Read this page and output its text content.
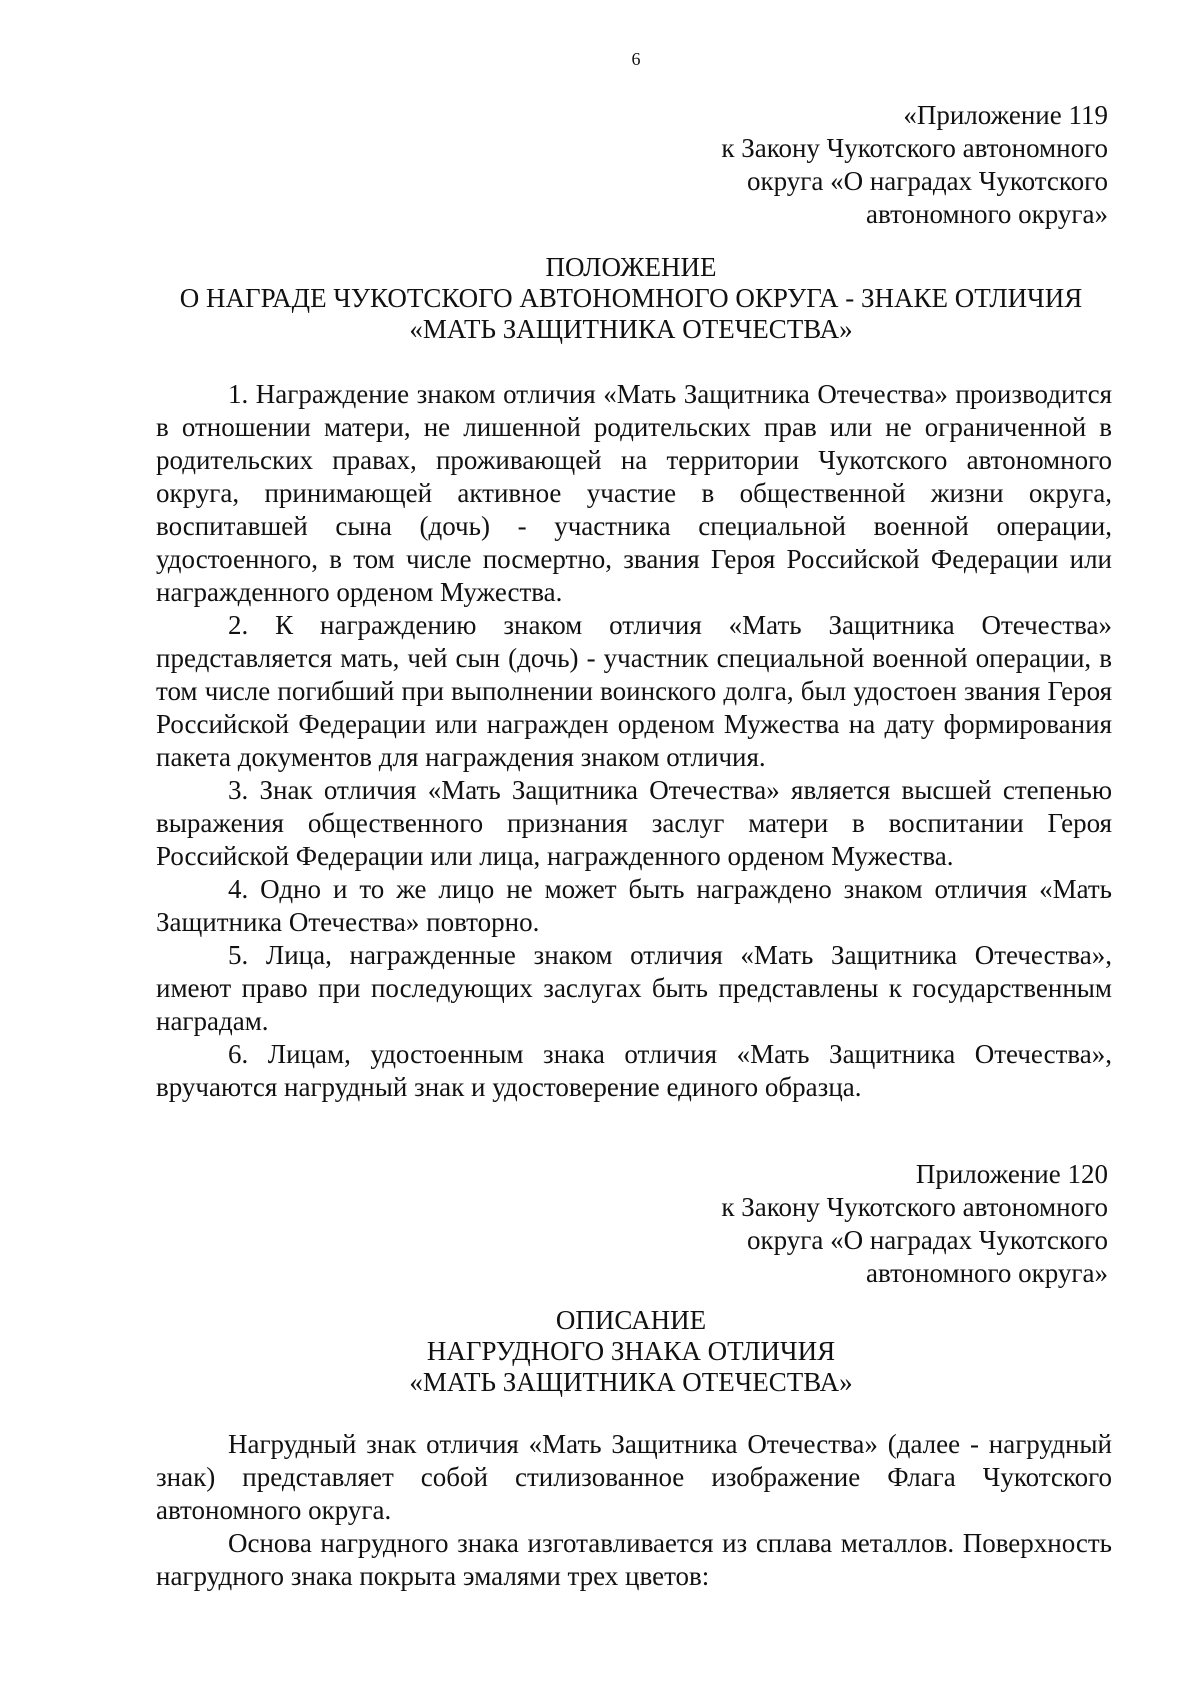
6
«Приложение 119
к Закону Чукотского автономного
округа «О наградах Чукотского
автономного округа»
ПОЛОЖЕНИЕ
О НАГРАДЕ ЧУКОТСКОГО АВТОНОМНОГО ОКРУГА - ЗНАКЕ ОТЛИЧИЯ
«МАТЬ ЗАЩИТНИКА ОТЕЧЕСТВА»

1. Награждение знаком отличия «Мать Защитника Отечества» производится в отношении матери, не лишенной родительских прав или не ограниченной в родительских правах, проживающей на территории Чукотского автономного округа, принимающей активное участие в общественной жизни округа, воспитавшей сына (дочь) - участника специальной военной операции, удостоенного, в том числе посмертно, звания Героя Российской Федерации или награжденного орденом Мужества.

2. К награждению знаком отличия «Мать Защитника Отечества» представляется мать, чей сын (дочь) - участник специальной военной операции, в том числе погибший при выполнении воинского долга, был удостоен звания Героя Российской Федерации или награжден орденом Мужества на дату формирования пакета документов для награждения знаком отличия.

3. Знак отличия «Мать Защитника Отечества» является высшей степенью выражения общественного признания заслуг матери в воспитании Героя Российской Федерации или лица, награжденного орденом Мужества.

4. Одно и то же лицо не может быть награждено знаком отличия «Мать Защитника Отечества» повторно.

5. Лица, награжденные знаком отличия «Мать Защитника Отечества», имеют право при последующих заслугах быть представлены к государственным наградам.

6. Лицам, удостоенным знака отличия «Мать Защитника Отечества», вручаются нагрудный знак и удостоверение единого образца.

Приложение 120
к Закону Чукотского автономного
округа «О наградах Чукотского
автономного округа»
ОПИСАНИЕ
НАГРУДНОГО ЗНАКА ОТЛИЧИЯ
«МАТЬ ЗАЩИТНИКА ОТЕЧЕСТВА»

Нагрудный знак отличия «Мать Защитника Отечества» (далее - нагрудный знак) представляет собой стилизованное изображение Флага Чукотского автономного округа.

Основа нагрудного знака изготавливается из сплава металлов. Поверхность нагрудного знака покрыта эмалями трех цветов:
